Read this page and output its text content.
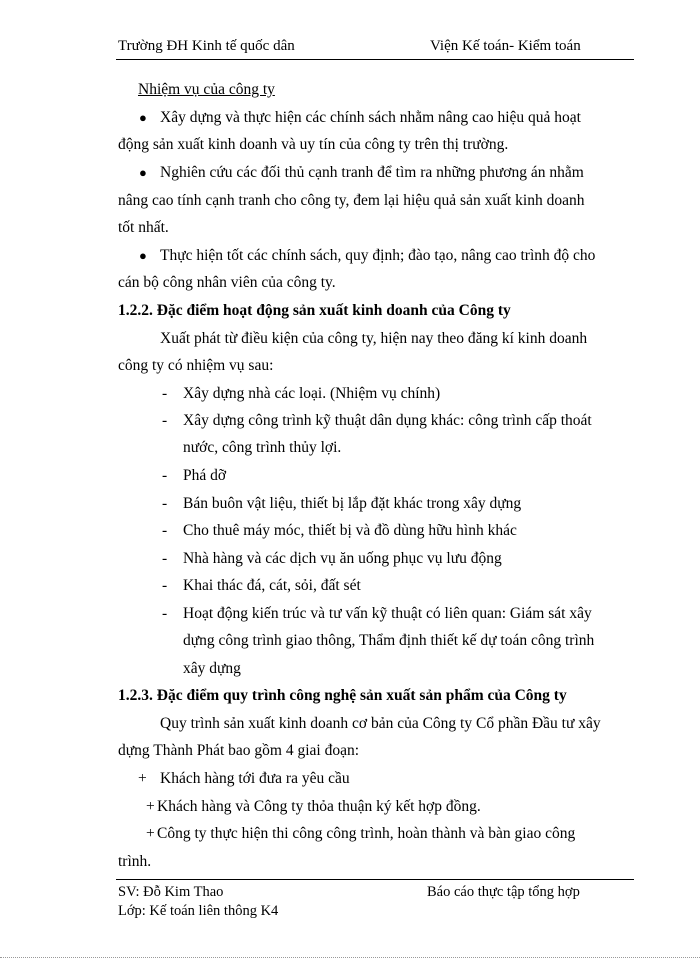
Trường ĐH Kinh tế quốc dân	Viện Kế toán- Kiểm toán
Nhiệm vụ của công ty
● Xây dựng và thực hiện các chính sách nhằm nâng cao hiệu quả hoạt
động sản xuất kinh doanh và uy tín của công ty trên thị trường.
● Nghiên cứu các đối thủ cạnh tranh để tìm ra những phương án nhằm
nâng cao tính cạnh tranh cho công ty, đem lại hiệu quả sản xuất kinh doanh
tốt nhất.
● Thực hiện tốt các chính sách, quy định; đào tạo, nâng cao trình độ cho
cán bộ công nhân viên của công ty.
1.2.2. Đặc điểm hoạt động sản xuất kinh doanh của Công ty
Xuất phát từ điều kiện của công ty, hiện nay theo đăng kí kinh doanh
công ty có nhiệm vụ sau:
- Xây dựng nhà các loại. (Nhiệm vụ chính)
- Xây dựng công trình kỹ thuật dân dụng khác: công trình cấp thoát
nước, công trình thủy lợi.
- Phá dỡ
- Bán buôn vật liệu, thiết bị lắp đặt khác trong xây dựng
- Cho thuê máy móc, thiết bị và đồ dùng hữu hình khác
- Nhà hàng và các dịch vụ ăn uống phục vụ lưu động
- Khai thác đá, cát, sỏi, đất sét
- Hoạt động kiến trúc và tư vấn kỹ thuật có liên quan: Giám sát xây
dựng công trình giao thông, Thẩm định thiết kế dự toán công trình
xây dựng
1.2.3. Đặc điểm quy trình công nghệ sản xuất sản phẩm của Công ty
Quy trình sản xuất kinh doanh cơ bản của Công ty Cổ phần Đầu tư xây
dựng Thành Phát bao gồm 4 giai đoạn:
+ Khách hàng tới đưa ra yêu cầu
+ Khách hàng và Công ty thỏa thuận ký kết hợp đồng.
+ Công ty thực hiện thi công công trình, hoàn thành và bàn giao công
trình.
SV: Đỗ Kim Thao	Báo cáo thực tập tổng hợp
Lớp: Kế toán liên thông K4
